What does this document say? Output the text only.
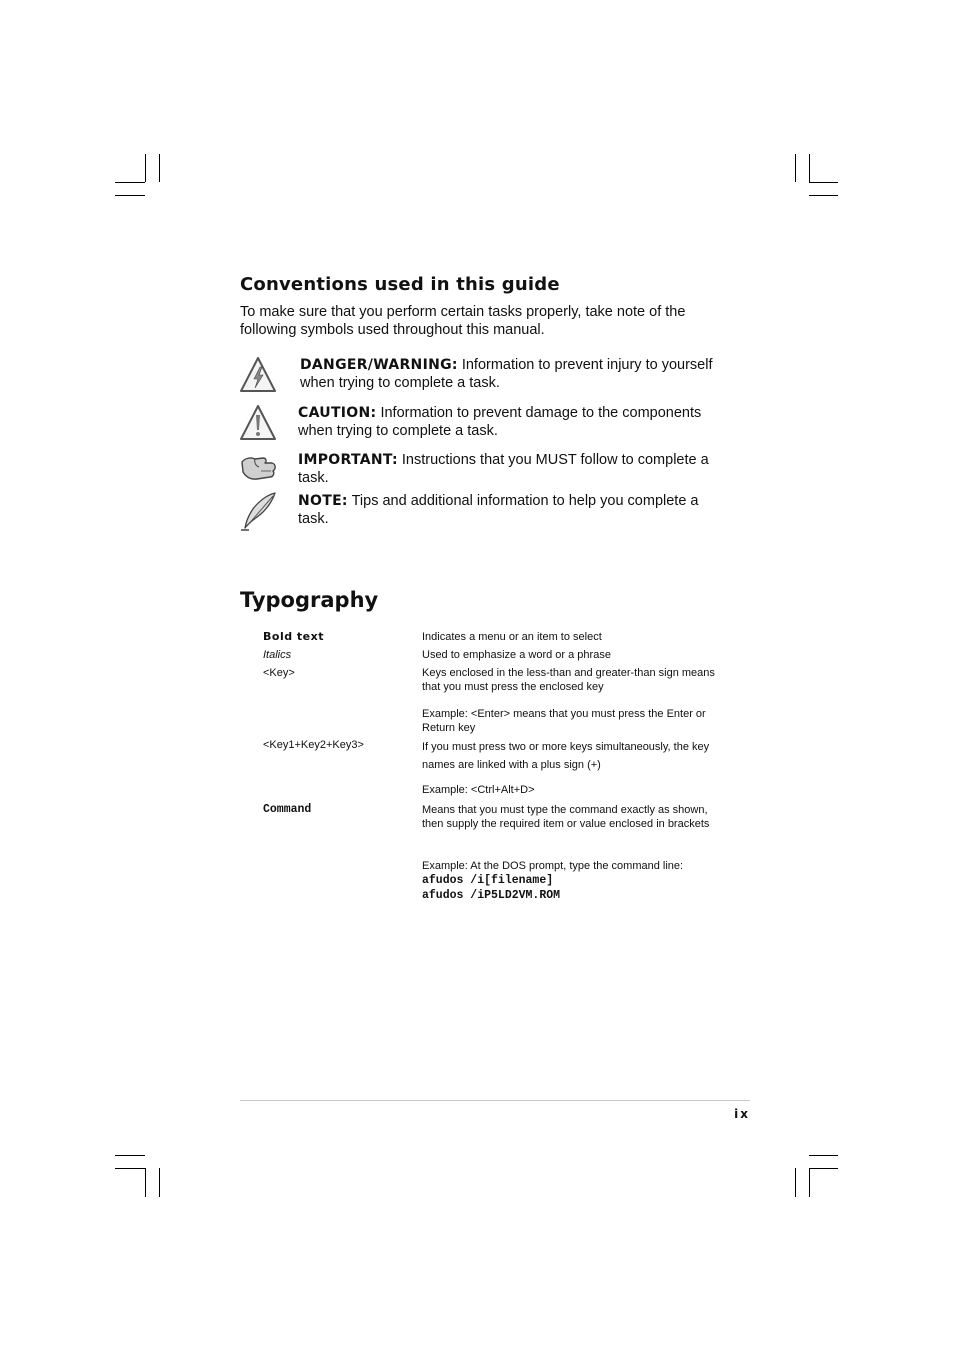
Conventions used in this guide

To make sure that you perform certain tasks properly, take note of the following symbols used throughout this manual.

DANGER/WARNING: Information to prevent injury to yourself when trying to complete a task.
CAUTION: Information to prevent damage to the components when trying to complete a task.
IMPORTANT: Instructions that you MUST follow to complete a task.
NOTE: Tips and additional information to help you complete a task.
Typography
Bold text	Indicates a menu or an item to select
Italics	Used to emphasize a word or a phrase
<Key>	Keys enclosed in the less-than and greater-than sign means that you must press the enclosed key
Example: <Enter> means that you must press the Enter or Return key
<Key1+Key2+Key3>	If you must press two or more keys simultaneously, the key names are linked with a plus sign (+)
Example: <Ctrl+Alt+D>
Command	Means that you must type the command exactly as shown, then supply the required item or value enclosed in brackets
Example: At the DOS prompt, type the command line:
afudos /i[filename]
afudos /iP5LD2VM.ROM
ix
